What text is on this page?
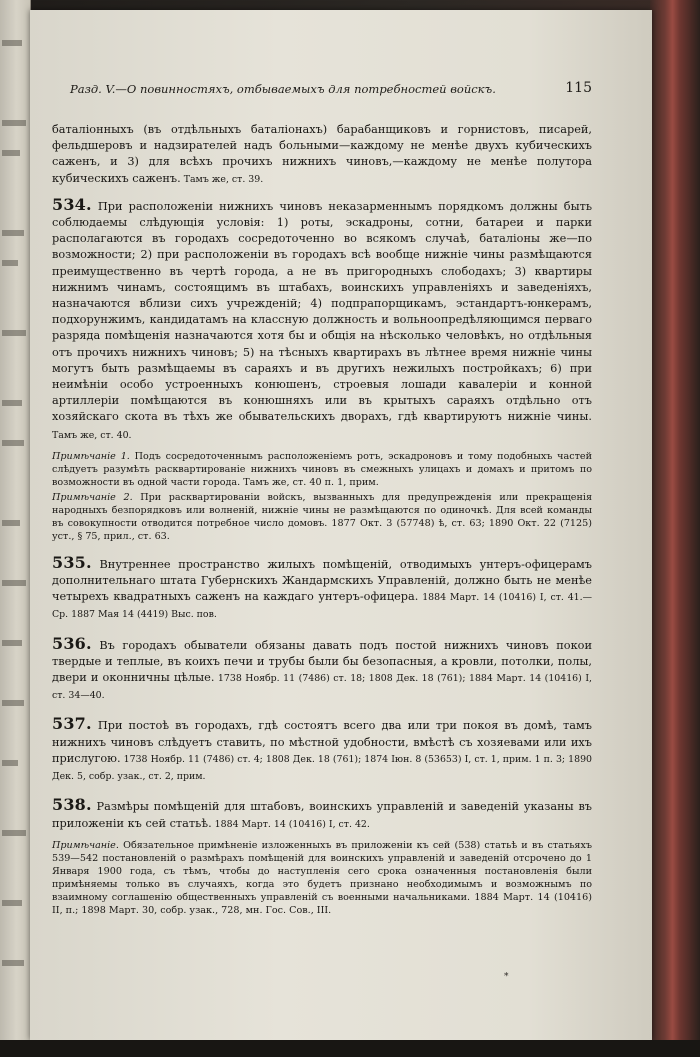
Разд. V.—О повинностяхъ, отбываемыхъ для потребностей войскъ.	115

баталіонныхъ (въ отдѣльныхъ баталіонахъ) барабанщиковъ и горнистовъ, писарей, фельдшеровъ и надзирателей надъ больными—каждому не менѣе двухъ кубическихъ саженъ, и 3) для всѣхъ прочихъ нижнихъ чиновъ,—каждому не менѣе полутора кубическихъ саженъ. Тамъ же, ст. 39.

534. При расположеніи нижнихъ чиновъ неказарменнымъ порядкомъ должны быть соблюдаемы слѣдующія условія: 1) роты, эскадроны, сотни, батареи и парки располагаются въ городахъ сосредоточенно во всякомъ случаѣ, баталіоны же—по возможности; 2) при расположеніи въ городахъ всѣ вообще нижніе чины размѣщаются преимущественно въ чертѣ города, а не въ пригородныхъ слободахъ; 3) квартиры нижнимъ чинамъ, состоящимъ въ штабахъ, воинскихъ управленіяхъ и заведеніяхъ, назначаются вблизи сихъ учрежденій; 4) подпрапорщикамъ, эстандартъ-юнкерамъ, подхорунжимъ, кандидатамъ на классную должность и вольноопредѣляющимся перваго разряда помѣщенія назначаются хотя бы и общія на нѣсколько человѣкъ, но отдѣльныя отъ прочихъ нижнихъ чиновъ; 5) на тѣсныхъ квартирахъ въ лѣтнее время нижніе чины могутъ быть размѣщаемы въ сараяхъ и въ другихъ нежилыхъ постройкахъ; 6) при неимѣніи особо устроенныхъ конюшенъ, строевыя лошади кавалеріи и конной артиллеріи помѣщаются въ конюшняхъ или въ крытыхъ сараяхъ отдѣльно отъ хозяйскаго скота въ тѣхъ же обывательскихъ дворахъ, гдѣ квартируютъ нижніе чины. Тамъ же, ст. 40.

Примѣчаніе 1. Подъ сосредоточеннымъ расположеніемъ ротъ, эскадроновъ и тому подобныхъ частей слѣдуетъ разумѣть расквартированіе нижнихъ чиновъ въ смежныхъ улицахъ и домахъ и притомъ по возможности въ одной части города. Тамъ же, ст. 40 п. 1, прим.

Примѣчаніе 2. При расквартированіи войскъ, вызванныхъ для предупрежденія или прекращенія народныхъ безпорядковъ или волненій, нижніе чины не размѣщаются по одиночкѣ. Для всей команды въ совокупности отводится потребное число домовъ. 1877 Окт. 3 (57748) ѣ, ст. 63; 1890 Окт. 22 (7125) уст., § 75, прил., ст. 63.

535. Внутреннее пространство жилыхъ помѣщеній, отводимыхъ унтеръ-офицерамъ дополнительнаго штата Губернскихъ Жандармскихъ Управленій, должно быть не менѣе четырехъ квадратныхъ саженъ на каждаго унтеръ-офицера. 1884 Март. 14 (10416) I, ст. 41.—Ср. 1887 Мая 14 (4419) Выс. пов.

536. Въ городахъ обыватели обязаны давать подъ постой нижнихъ чиновъ покои твердые и теплые, въ коихъ печи и трубы были бы безопасныя, а кровли, потолки, полы, двери и оконничны цѣлые. 1738 Ноябр. 11 (7486) ст. 18; 1808 Дек. 18 (761); 1884 Март. 14 (10416) I, ст. 34—40.

537. При постоѣ въ городахъ, гдѣ состоятъ всего два или три покоя въ домѣ, тамъ нижнихъ чиновъ слѣдуетъ ставить, по мѣстной удобности, вмѣстѣ съ хозяевами или ихъ прислугою. 1738 Ноябр. 11 (7486) ст. 4; 1808 Дек. 18 (761); 1874 Іюн. 8 (53653) I, ст. 1, прим. 1 п. 3; 1890 Дек. 5, собр. узак., ст. 2, прим.

538. Размѣры помѣщеній для штабовъ, воинскихъ управленій и заведеній указаны въ приложеніи къ сей статьѣ. 1884 Март. 14 (10416) I, ст. 42.

Примѣчаніе. Обязательное примѣненіе изложенныхъ въ приложеніи къ сей (538) статьѣ и въ статьяхъ 539—542 постановленій о размѣрахъ помѣщеній для воинскихъ управленій и заведеній отсрочено до 1 Января 1900 года, съ тѣмъ, чтобы до наступленія сего срока означенныя постановленія были примѣняемы только въ случаяхъ, когда это будетъ признано необходимымъ и возможнымъ по взаимному соглашенію общественныхъ управленій съ военными начальниками. 1884 Март. 14 (10416) II, п.; 1898 Март. 30, собр. узак., 728, мн. Гос. Сов., III.

*
